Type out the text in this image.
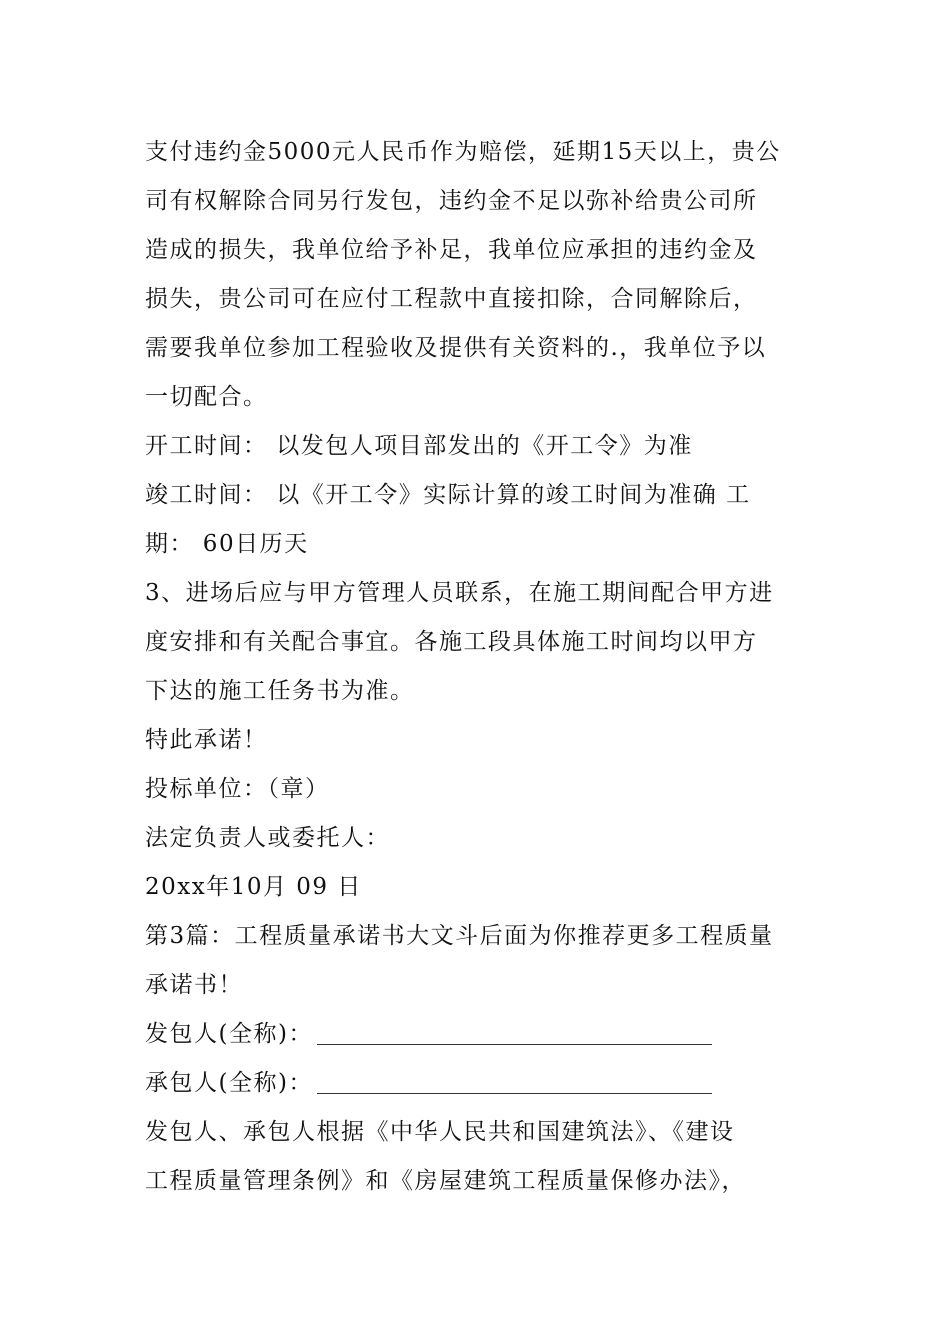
支付违约金5000元人民币作为赔偿，延期15天以上，贵公
司有权解除合同另行发包，违约金不足以弥补给贵公司所
造成的损失，我单位给予补足，我单位应承担的违约金及
损失，贵公司可在应付工程款中直接扣除，合同解除后，
需要我单位参加工程验收及提供有关资料的.，我单位予以
一切配合。
开工时间： 以发包人项目部发出的《开工令》为准
竣工时间： 以《开工令》实际计算的竣工时间为准确 工
期： 60日历天
3、进场后应与甲方管理人员联系，在施工期间配合甲方进
度安排和有关配合事宜。各施工段具体施工时间均以甲方
下达的施工任务书为准。
特此承诺！
投标单位：（章）
法定负责人或委托人：
20xx年10月 09 日
第3篇：工程质量承诺书大文斗后面为你推荐更多工程质量
承诺书！
发包人(全称)：
承包人(全称)：
发包人、承包人根据《中华人民共和国建筑法》、《建设
工程质量管理条例》和《房屋建筑工程质量保修办法》，
